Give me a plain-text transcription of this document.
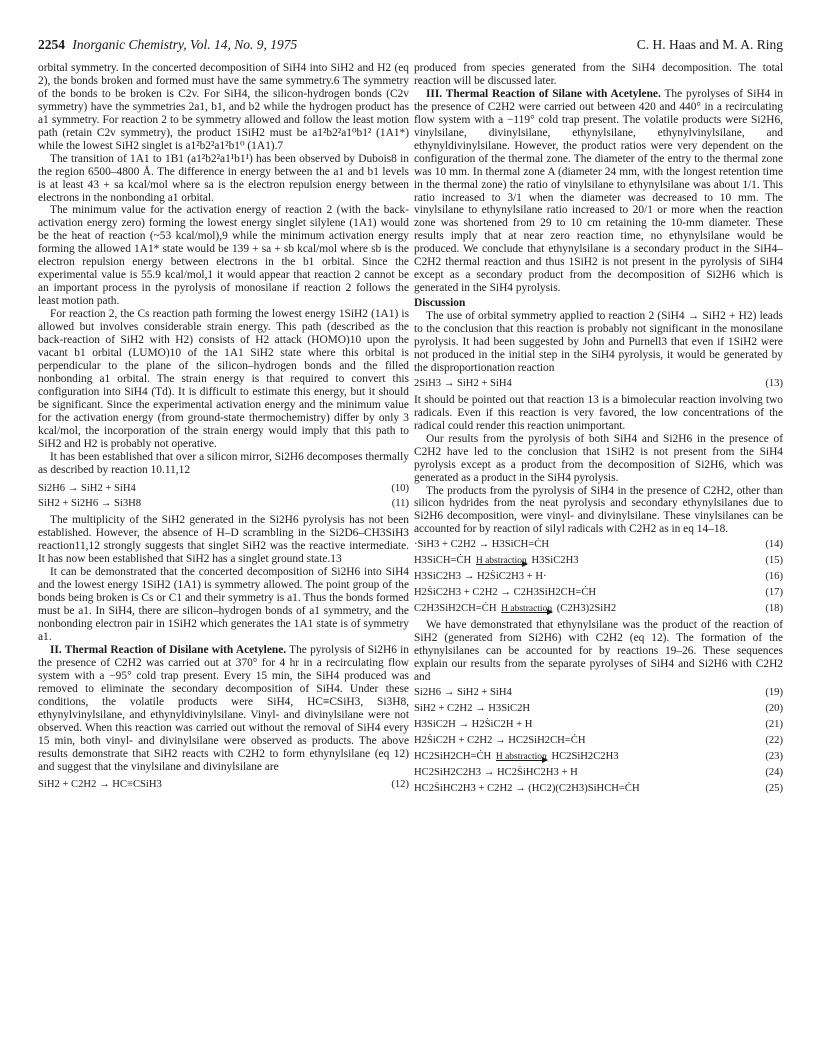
2254 Inorganic Chemistry, Vol. 14, No. 9, 1975	C. H. Haas and M. A. Ring

orbital symmetry. In the concerted decomposition of SiH4 into SiH2 and H2 (eq 2), the bonds broken and formed must have the same symmetry.6 The symmetry of the bonds to be broken is C2v. For SiH4, the silicon-hydrogen bonds (C2v symmetry) have the symmetries 2a1, b1, and b2 while the hydrogen product has a1 symmetry. For reaction 2 to be symmetry allowed and follow the least motion path (retain C2v symmetry), the product 1SiH2 must be a1²b2²a1⁰b1² (1A1*) while the lowest SiH2 singlet is a1²b2²a1²b1⁰ (1A1).7

The transition of 1A1 to 1B1 (a1²b2²a1¹b1¹) has been observed by Dubois8 in the region 6500–4800 Å. The difference in energy between the a1 and b1 levels is at least 43 + sa kcal/mol where sa is the electron repulsion energy between electrons in the nonbonding a1 orbital.

The minimum value for the activation energy of reaction 2 (with the back-activation energy zero) forming the lowest energy singlet silylene (1A1) would be the heat of reaction (~53 kcal/mol),9 while the minimum activation energy forming the allowed 1A1* state would be 139 + sa + sb kcal/mol where sb is the electron repulsion energy between electrons in the b1 orbital. Since the experimental value is 55.9 kcal/mol,1 it would appear that reaction 2 cannot be an important process in the pyrolysis of monosilane if reaction 2 follows the least motion path.

For reaction 2, the Cs reaction path forming the lowest energy 1SiH2 (1A1) is allowed but involves considerable strain energy. This path (described as the back-reaction of SiH2 with H2) consists of H2 attack (HOMO)10 upon the vacant b1 orbital (LUMO)10 of the 1A1 SiH2 state where this orbital is perpendicular to the plane of the silicon–hydrogen bonds and the filled nonbonding a1 orbital. The strain energy is that required to convert this configuration into SiH4 (Td). It is difficult to estimate this energy, but it should be significant. Since the experimental activation energy and the minimum value for the activation energy (from ground-state thermochemistry) differ by only 3 kcal/mol, the incorporation of the strain energy would imply that this path to SiH2 and H2 is probably not operative.

It has been established that over a silicon mirror, Si2H6 decomposes thermally as described by reaction 10.11,12

Si2H6 → SiH2 + SiH4	(10)
SiH2 + Si2H6 → Si3H8	(11)

The multiplicity of the SiH2 generated in the Si2H6 pyrolysis has not been established. However, the absence of H–D scrambling in the Si2D6–CH3SiH3 reaction11,12 strongly suggests that singlet SiH2 was the reactive intermediate. It has now been established that SiH2 has a singlet ground state.13

It can be demonstrated that the concerted decomposition of Si2H6 into SiH4 and the lowest energy 1SiH2 (1A1) is symmetry allowed. The point group of the bonds being broken is Cs or C1 and their symmetry is a1. Thus the bonds formed must be a1. In SiH4, there are silicon–hydrogen bonds of a1 symmetry, and the nonbonding electron pair in 1SiH2 which generates the 1A1 state is of symmetry a1.

II. Thermal Reaction of Disilane with Acetylene. The pyrolysis of Si2H6 in the presence of C2H2 was carried out at 370° for 4 hr in a recirculating flow system with a −95° cold trap present. Every 15 min, the SiH4 produced was removed to eliminate the secondary decomposition of SiH4. Under these conditions, the volatile products were SiH4, HC≡CSiH3, Si3H8, ethynylvinylsilane, and ethynyldivinylsilane. Vinyl- and divinylsilane were not observed. When this reaction was carried out without the removal of SiH4 every 15 min, both vinyl- and divinylsilane were observed as products. The above results demonstrate that SiH2 reacts with C2H2 to form ethynylsilane (eq 12) and suggest that the vinylsilane and divinylsilane are

SiH2 + C2H2 → HC≡CSiH3	(12)

produced from species generated from the SiH4 decomposition. The total reaction will be discussed later.

III. Thermal Reaction of Silane with Acetylene. The pyrolyses of SiH4 in the presence of C2H2 were carried out between 420 and 440° in a recirculating flow system with a −119° cold trap present. The volatile products were Si2H6, vinylsilane, divinylsilane, ethynylsilane, ethynylvinylsilane, and ethynyldivinylsilane. However, the product ratios were very dependent on the configuration of the thermal zone. The diameter of the entry to the thermal zone was 10 mm. In thermal zone A (diameter 24 mm, with the longest retention time in the thermal zone) the ratio of vinylsilane to ethynylsilane was about 1/1. This ratio increased to 3/1 when the diameter was decreased to 10 mm. The vinylsilane to ethynylsilane ratio increased to 20/1 or more when the reaction zone was shortened from 29 to 10 cm retaining the 10-mm diameter. These results imply that at near zero reaction time, no ethynylsilane would be produced. We conclude that ethynylsilane is a secondary product in the SiH4–C2H2 thermal reaction and thus 1SiH2 is not present in the pyrolysis of SiH4 except as a secondary product from the decomposition of Si2H6 which is generated in the SiH4 pyrolysis.

Discussion

The use of orbital symmetry applied to reaction 2 (SiH4 → SiH2 + H2) leads to the conclusion that this reaction is probably not significant in the monosilane pyrolysis. It had been suggested by John and Purnell3 that even if 1SiH2 were not produced in the initial step in the SiH4 pyrolysis, it would be generated by the disproportionation reaction

2SiH3 → SiH2 + SiH4	(13)

It should be pointed out that reaction 13 is a bimolecular reaction involving two radicals. Even if this reaction is very favored, the low concentrations of the radical could render this reaction unimportant.

Our results from the pyrolysis of both SiH4 and Si2H6 in the presence of C2H2 have led to the conclusion that 1SiH2 is not present from the SiH4 pyrolysis except as a product from the decomposition of Si2H6, which was generated as a product in the SiH4 pyrolysis.

The products from the pyrolysis of SiH4 in the presence of C2H2, other than silicon hydrides from the neat pyrolysis and secondary ethynylsilanes due to Si2H6 decomposition, were vinyl- and divinylsilane. These vinylsilanes can be accounted for by reaction of silyl radicals with C2H2 as in eq 14–18.

·SiH3 + C2H2 → H3SiCH=ĊH	(14)
H3SiCH=ĊH H abstraction H3SiC2H3	(15)
H3SiC2H3 → H2ṠiC2H3 + H·	(16)
H2ṠiC2H3 + C2H2 → C2H3SiH2CH=ĊH	(17)
C2H3SiH2CH=ĊH H abstraction (C2H3)2SiH2	(18)

We have demonstrated that ethynylsilane was the product of the reaction of SiH2 (generated from Si2H6) with C2H2 (eq 12). The formation of the ethynylsilanes can be accounted for by reactions 19–26. These sequences explain our results from the separate pyrolyses of SiH4 and Si2H6 with C2H2 and

Si2H6 → SiH2 + SiH4	(19)
SiH2 + C2H2 → H3SiC2H	(20)
H3SiC2H → H2ṠiC2H + H	(21)
H2ṠiC2H + C2H2 → HC2SiH2CH=ĊH	(22)
HC2SiH2CH=ĊH H abstraction HC2SiH2C2H3	(23)
HC2SiH2C2H3 → HC2ṠiHC2H3 + H	(24)
HC2ṠiHC2H3 + C2H2 → (HC2)(C2H3)SiHCH=ĊH	(25)
